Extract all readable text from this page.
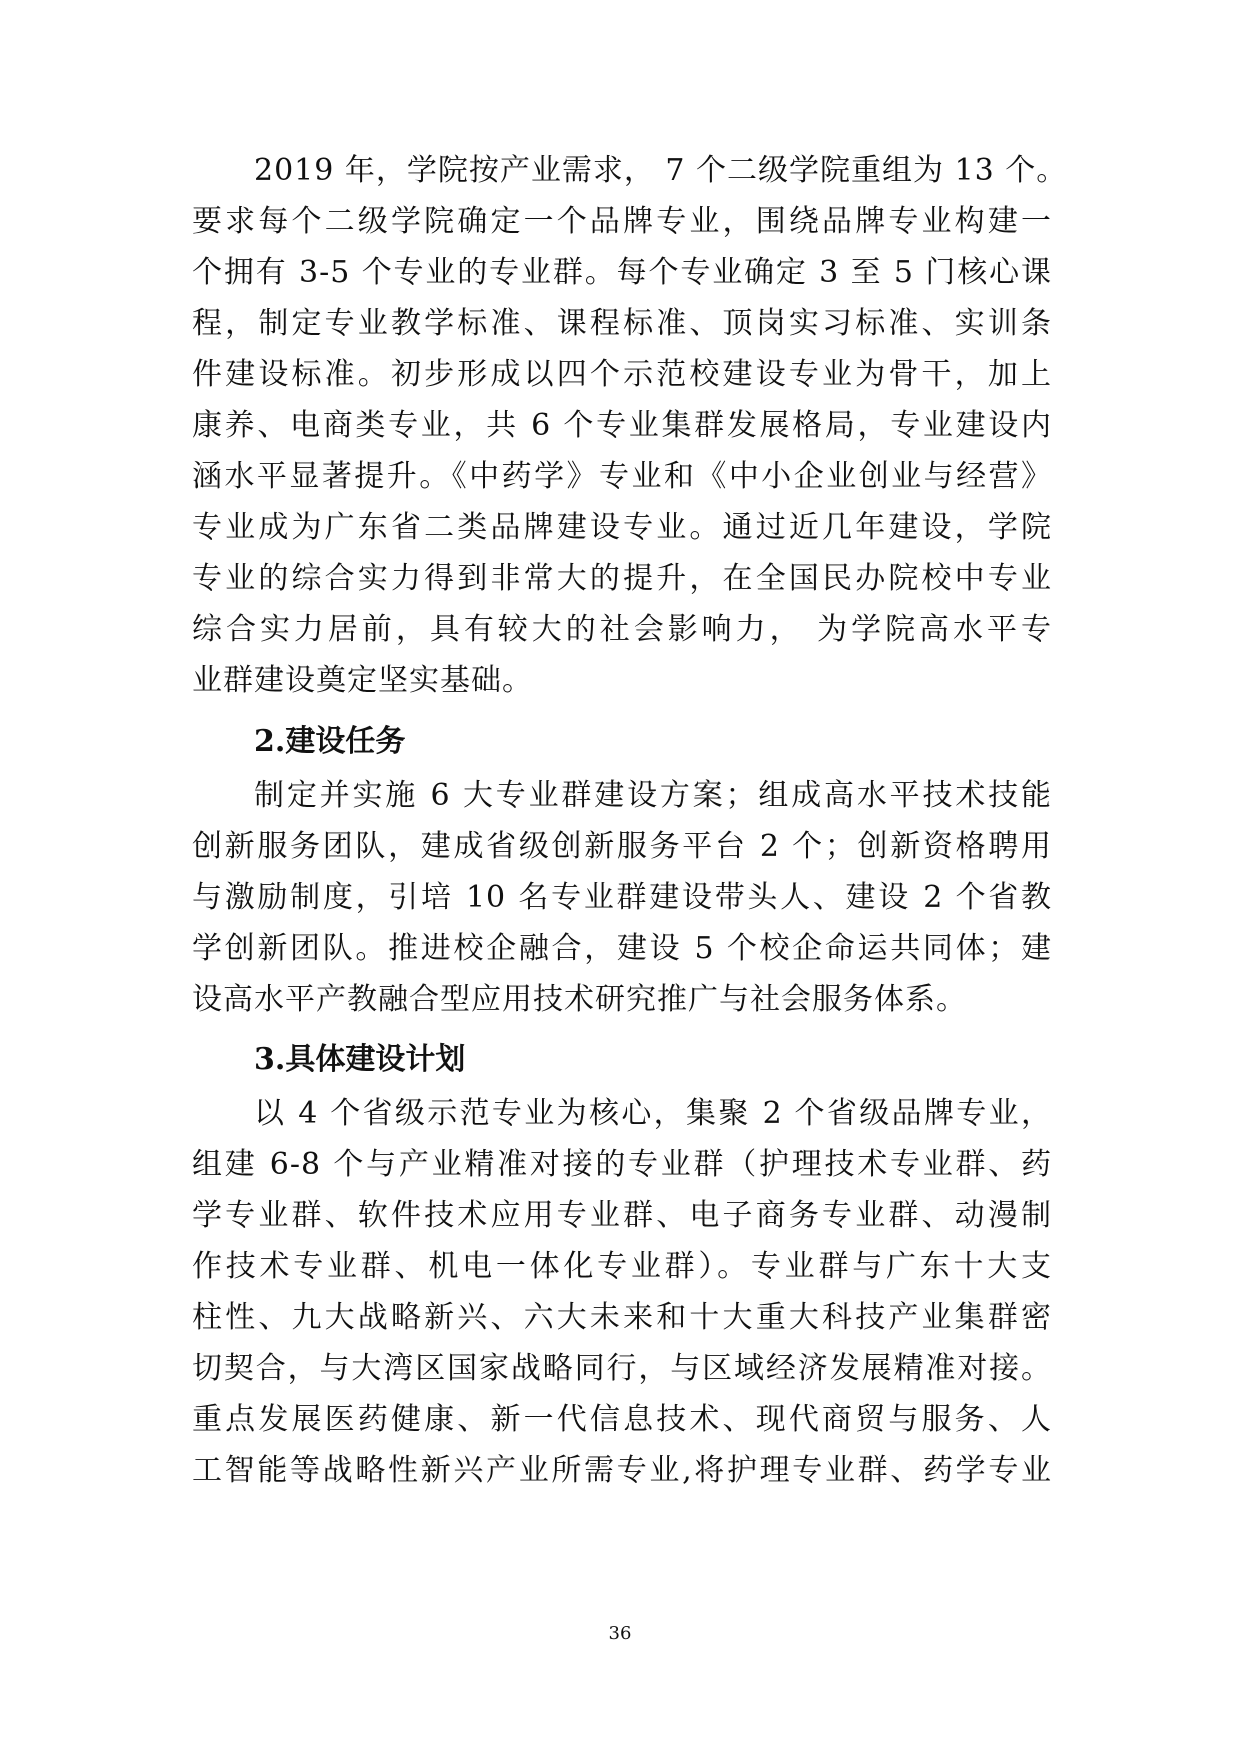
2019 年，学院按产业需求， 7 个二级学院重组为 13 个。
要求每个二级学院确定一个品牌专业，围绕品牌专业构建一
个拥有 3-5 个专业的专业群。每个专业确定 3 至 5 门核心课
程，制定专业教学标准、课程标准、顶岗实习标准、实训条
件建设标准。初步形成以四个示范校建设专业为骨干，加上
康养、电商类专业，共 6 个专业集群发展格局，专业建设内
涵水平显著提升。《中药学》专业和《中小企业创业与经营》
专业成为广东省二类品牌建设专业。通过近几年建设，学院
专业的综合实力得到非常大的提升，在全国民办院校中专业
综合实力居前，具有较大的社会影响力， 为学院高水平专
业群建设奠定坚实基础。
2.建设任务
制定并实施 6 大专业群建设方案；组成高水平技术技能
创新服务团队，建成省级创新服务平台 2 个；创新资格聘用
与激励制度，引培 10 名专业群建设带头人、建设 2 个省教
学创新团队。推进校企融合，建设 5 个校企命运共同体；建
设高水平产教融合型应用技术研究推广与社会服务体系。
3.具体建设计划
以 4 个省级示范专业为核心，集聚 2 个省级品牌专业，
组建 6-8 个与产业精准对接的专业群（护理技术专业群、药
学专业群、软件技术应用专业群、电子商务专业群、动漫制
作技术专业群、机电一体化专业群）。专业群与广东十大支
柱性、九大战略新兴、六大未来和十大重大科技产业集群密
切契合，与大湾区国家战略同行，与区域经济发展精准对接。
重点发展医药健康、新一代信息技术、现代商贸与服务、人
工智能等战略性新兴产业所需专业,将护理专业群、药学专业
36
